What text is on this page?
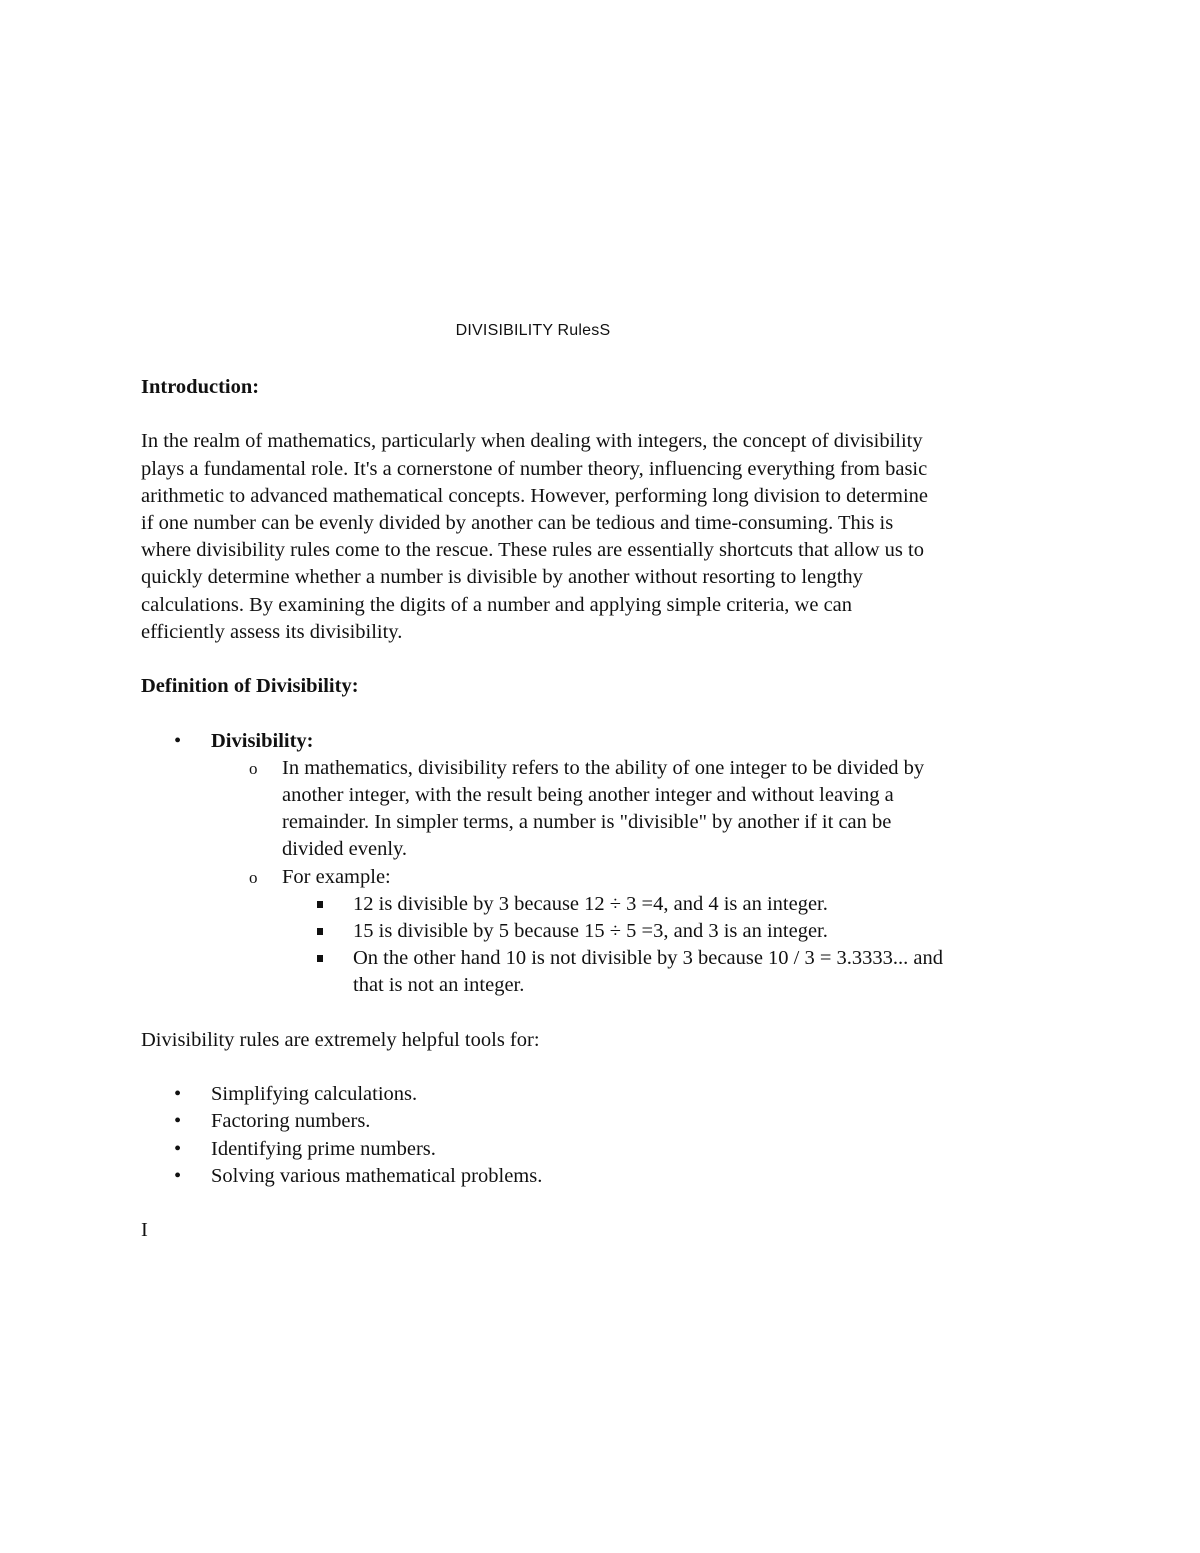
DIVISIBILITY RulesS

Introduction:

In the realm of mathematics, particularly when dealing with integers, the concept of divisibility
plays a fundamental role. It's a cornerstone of number theory, influencing everything from basic
arithmetic to advanced mathematical concepts. However, performing long division to determine
if one number can be evenly divided by another can be tedious and time-consuming. This is
where divisibility rules come to the rescue. These rules are essentially shortcuts that allow us to
quickly determine whether a number is divisible by another without resorting to lengthy
calculations. By examining the digits of a number and applying simple criteria, we can
efficiently assess its divisibility.

Definition of Divisibility:

• Divisibility:
o In mathematics, divisibility refers to the ability of one integer to be divided by
another integer, with the result being another integer and without leaving a
remainder. In simpler terms, a number is "divisible" by another if it can be
divided evenly.
o For example:
12 is divisible by 3 because 12 ÷ 3 =4, and 4 is an integer.
15 is divisible by 5 because 15 ÷ 5 =3, and 3 is an integer.
On the other hand 10 is not divisible by 3 because 10 / 3 = 3.3333... and
that is not an integer.

Divisibility rules are extremely helpful tools for:

• Simplifying calculations.
• Factoring numbers.
• Identifying prime numbers.
• Solving various mathematical problems.

I
